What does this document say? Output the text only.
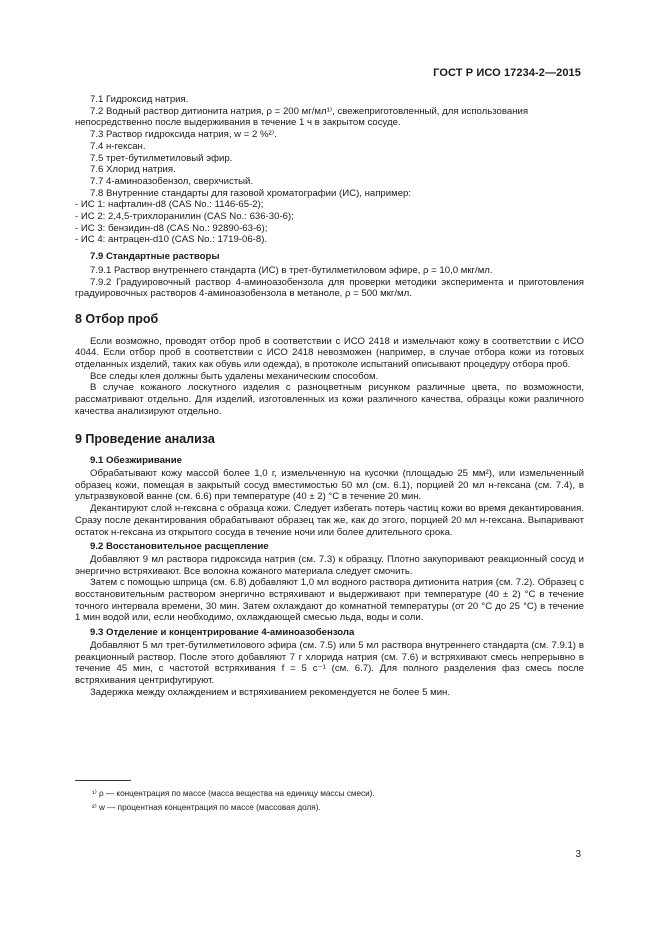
ГОСТ Р ИСО 17234-2—2015

7.1 Гидроксид натрия.

7.2 Водный раствор дитионита натрия, ρ = 200 мг/мл¹⁾, свежеприготовленный, для использования

непосредственно после выдерживания в течение 1 ч в закрытом сосуде.

7.3 Раствор гидроксида натрия, w = 2 %²⁾.

7.4 н-гексан.

7.5 трет-бутилметиловый эфир.

7.6 Хлорид натрия.

7.7 4-аминоазобензол, сверхчистый.

7.8 Внутренние стандарты для газовой хроматографии (ИС), например:

- ИС 1: нафталин-d8 (CAS No.: 1146-65-2);

- ИС 2: 2,4,5-трихлоранилин (CAS No.: 636-30-6);

- ИС 3: бензидин-d8 (CAS No.: 92890-63-6);

- ИС 4: антрацен-d10 (CAS No.: 1719-06-8).

7.9 Стандартные растворы

7.9.1 Раствор внутреннего стандарта (ИС) в трет-бутилметиловом эфире, ρ = 10,0 мкг/мл.

7.9.2 Градуировочный раствор 4-аминоазобензола для проверки методики эксперимента и приготовления градуировочных растворов 4-аминоазобензола в метаноле, ρ = 500 мкг/мл.

8 Отбор проб

Если возможно, проводят отбор проб в соответствии с ИСО 2418 и измельчают кожу в соответствии с ИСО 4044. Если отбор проб в соответствии с ИСО 2418 невозможен (например, в случае отбора кожи из готовых отделанных изделий, таких как обувь или одежда), в протоколе испытаний описывают процедуру отбора проб.

Все следы клея должны быть удалены механическим способом.

В случае кожаного лоскутного изделия с разноцветным рисунком различные цвета, по возможности, рассматривают отдельно. Для изделий, изготовленных из кожи различного качества, образцы кожи различного качества анализируют отдельно.

9 Проведение анализа

9.1 Обезжиривание

Обрабатывают кожу массой более 1,0 г, измельченную на кусочки (площадью 25 мм²), или измельченный образец кожи, помещая в закрытый сосуд вместимостью 50 мл (см. 6.1), порцией 20 мл н-гексана (см. 7.4), в ультразвуковой ванне (см. 6.6) при температуре (40 ± 2) °С в течение 20 мин.

Декантируют слой н-гексана с образца кожи. Следует избегать потерь частиц кожи во время декантирования. Сразу после декантирования обрабатывают образец так же, как до этого, порцией 20 мл н-гексана. Выпаривают остаток н-гексана из открытого сосуда в течение ночи или более длительного срока.

9.2 Восстановительное расщепление

Добавляют 9 мл раствора гидроксида натрия (см. 7.3) к образцу. Плотно закупоривают реакционный сосуд и энергично встряхивают. Все волокна кожаного материала следует смочить.

Затем с помощью шприца (см. 6.8) добавляют 1,0 мл водного раствора дитионита натрия (см. 7.2). Образец с восстановительным раствором энергично встряхивают и выдерживают при температуре (40 ± 2) °С в течение точного интервала времени, 30 мин. Затем охлаждают до комнатной температуры (от 20 °С до 25 °С) в течение 1 мин водой или, если необходимо, охлаждающей смесью льда, воды и соли.

9.3 Отделение и концентрирование 4-аминоазобензола

Добавляют 5 мл трет-бутилметилового эфира (см. 7.5) или 5 мл раствора внутреннего стандарта (см. 7.9.1) в реакционный раствор. После этого добавляют 7 г хлорида натрия (см. 7.6) и встряхивают смесь непрерывно в течение 45 мин, с частотой встряхивания f = 5 с⁻¹ (см. 6.7). Для полного разделения фаз смесь после встряхивания центрифугируют.

Задержка между охлаждением и встряхиванием рекомендуется не более 5 мин.

¹⁾ ρ — концентрация по массе (масса вещества на единицу массы смеси).
²⁾ w — процентная концентрация по массе (массовая доля).
3
